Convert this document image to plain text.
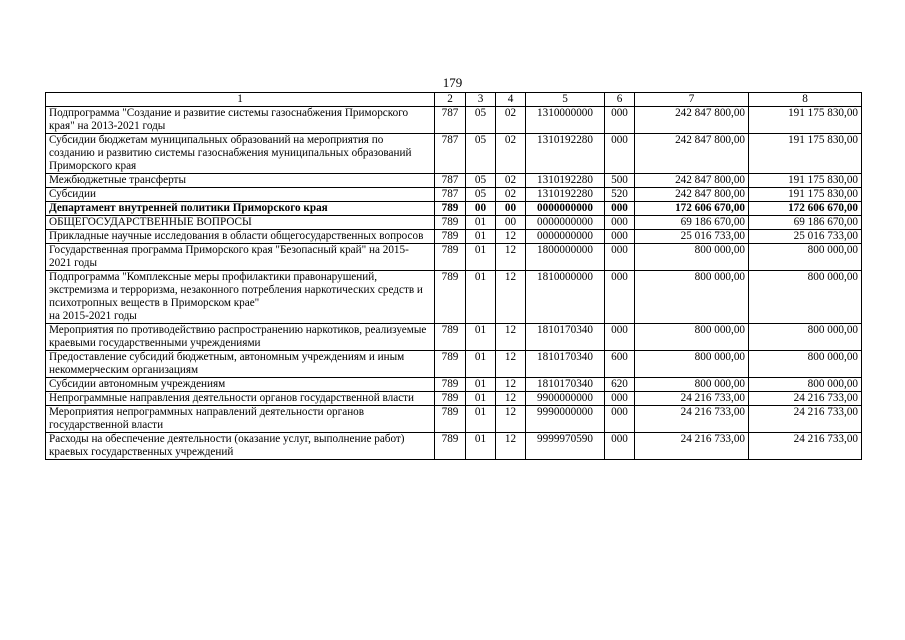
179
1	2	3	4	5	6	7	8
Подпрограмма "Создание и развитие системы газоснабжения Приморского края" на 2013-2021 годы	787	05	02	1310000000	000	242 847 800,00	191 175 830,00
Субсидии бюджетам муниципальных образований на мероприятия по созданию и развитию системы газоснабжения муниципальных образований Приморского края	787	05	02	1310192280	000	242 847 800,00	191 175 830,00
Межбюджетные трансферты	787	05	02	1310192280	500	242 847 800,00	191 175 830,00
Субсидии	787	05	02	1310192280	520	242 847 800,00	191 175 830,00
Департамент внутренней политики Приморского края	789	00	00	0000000000	000	172 606 670,00	172 606 670,00
ОБЩЕГОСУДАРСТВЕННЫЕ ВОПРОСЫ	789	01	00	0000000000	000	69 186 670,00	69 186 670,00
Прикладные научные исследования в области общегосударственных вопросов	789	01	12	0000000000	000	25 016 733,00	25 016 733,00
Государственная программа Приморского края "Безопасный край" на 2015-2021 годы	789	01	12	1800000000	000	800 000,00	800 000,00

Подпрограмма "Комплексные меры профилактики правонарушений, экстремизма и терроризма, незаконного потребления наркотических средств и психотропных веществ в Приморском крае"
на 2015-2021 годы	789	01	12	1810000000	000	800 000,00	800 000,00
Мероприятия по противодействию распространению наркотиков, реализуемые краевыми государственными учреждениями	789	01	12	1810170340	000	800 000,00	800 000,00
Предоставление субсидий бюджетным, автономным учреждениям и иным некоммерческим организациям	789	01	12	1810170340	600	800 000,00	800 000,00
Субсидии автономным учреждениям	789	01	12	1810170340	620	800 000,00	800 000,00
Непрограммные направления деятельности органов государственной власти	789	01	12	9900000000	000	24 216 733,00	24 216 733,00
Мероприятия непрограммных направлений деятельности органов государственной власти	789	01	12	9990000000	000	24 216 733,00	24 216 733,00
Расходы на обеспечение деятельности (оказание услуг, выполнение работ) краевых государственных учреждений	789	01	12	9999970590	000	24 216 733,00	24 216 733,00
